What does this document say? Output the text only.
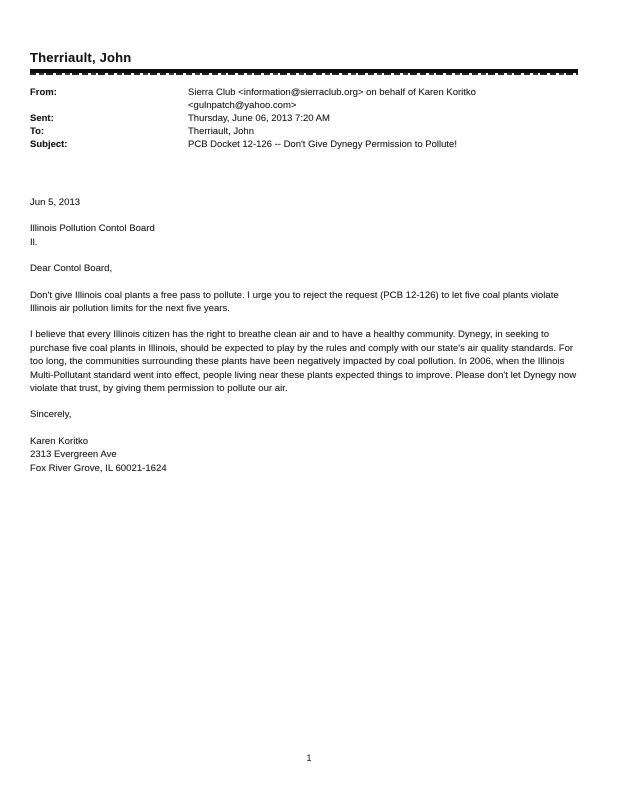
Therriault, John
From:	Sierra Club <information@sierraclub.org> on behalf of Karen Koritko
<gulnpatch@yahoo.com>
Sent:	Thursday, June 06, 2013 7:20 AM
To:	Therriault, John
Subject:	PCB Docket 12-126 -- Don't Give Dynegy Permission to Pollute!
Jun 5, 2013
Illinois Pollution Contol Board
Il.
Dear Contol Board,
Don't give Illinois coal plants a free pass to pollute. I urge you to reject the request (PCB 12-126) to let five coal plants violate Illinois air pollution limits for the next five years.
I believe that every Illinois citizen has the right to breathe clean air and to have a healthy community. Dynegy, in seeking to purchase five coal plants in Illinois, should be expected to play by the rules and comply with our state's air quality standards. For too long, the communities surrounding these plants have been negatively impacted by coal pollution. In 2006, when the Illinois Multi-Pollutant standard went into effect, people living near these plants expected things to improve. Please don't let Dynegy now violate that trust, by giving them permission to pollute our air.
Sincerely,
Karen Koritko
2313 Evergreen Ave
Fox River Grove, IL 60021-1624
1
